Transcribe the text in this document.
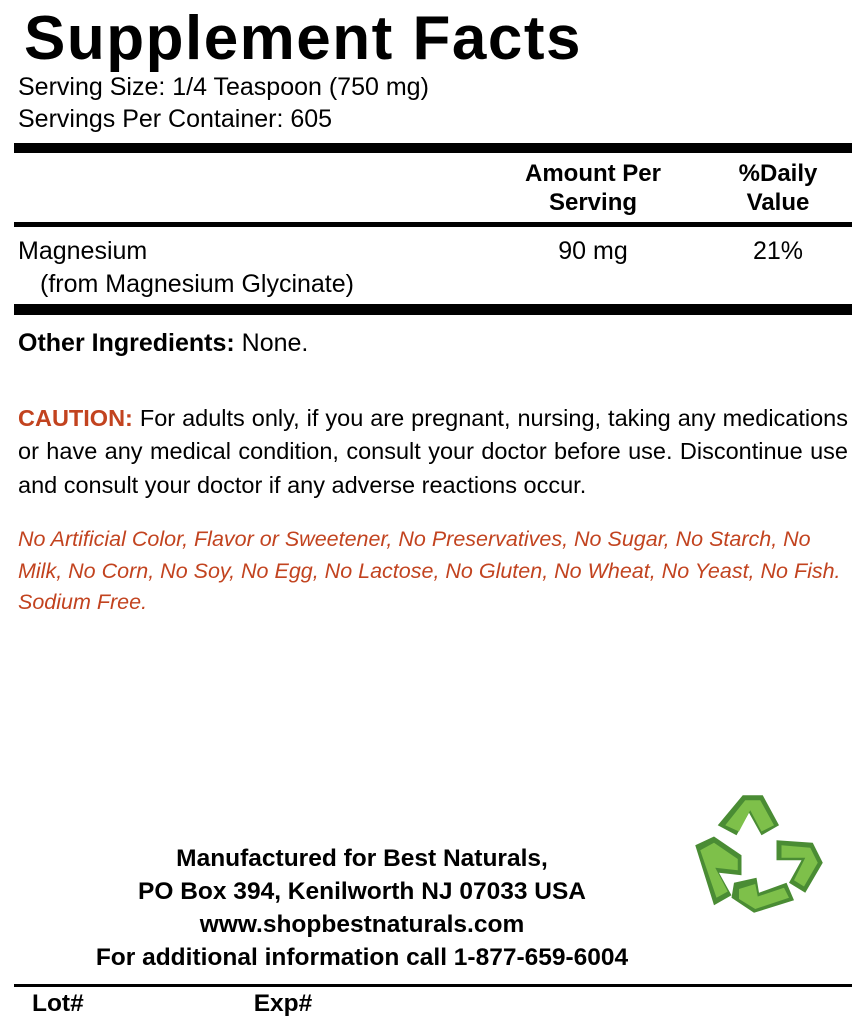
Supplement Facts
Serving Size: 1/4 Teaspoon (750 mg)
Servings Per Container: 605
Amount Per
Serving
%Daily
Value
Magnesium
(from Magnesium Glycinate)
90 mg	21%
Other Ingredients: None.
CAUTION: For adults only, if you are pregnant, nursing, taking any medications or have any medical condition, consult your doctor before use. Discontinue use and consult your doctor if any adverse reactions occur.
No Artificial Color, Flavor or Sweetener, No Preservatives, No Sugar, No Starch, No Milk, No Corn, No Soy, No Egg, No Lactose, No Gluten, No Wheat, No Yeast, No Fish. Sodium Free.
Manufactured for Best Naturals,
PO Box 394, Kenilworth NJ 07033 USA
www.shopbestnaturals.com
For additional information call 1-877-659-6004
Lot#	Exp#
